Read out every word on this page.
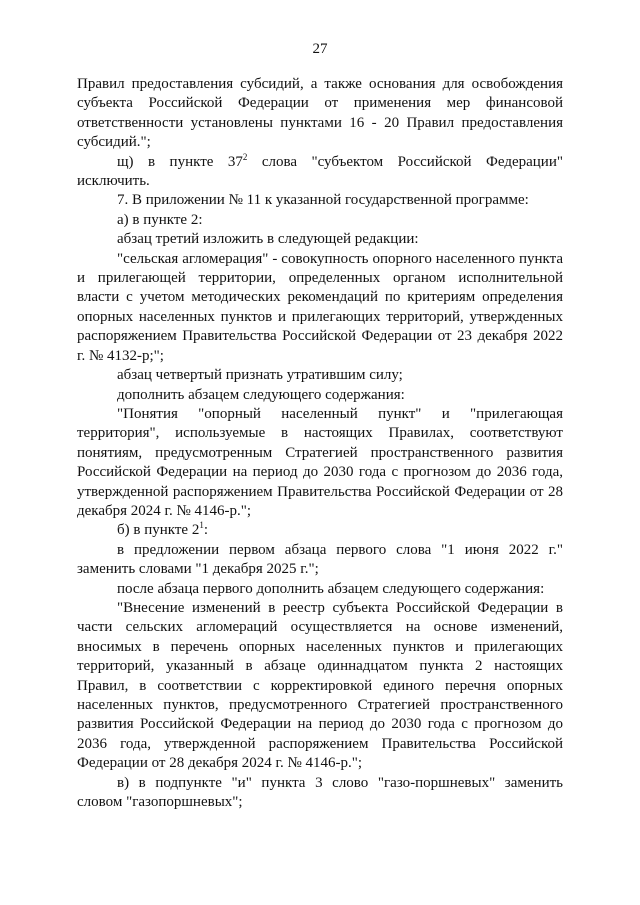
27

Правил предоставления субсидий, а также основания для освобождения субъекта Российской Федерации от применения мер финансовой ответственности установлены пунктами 16 - 20 Правил предоставления субсидий.";

щ) в пункте $37^2$ слова "субъектом Российской Федерации" исключить.

7. В приложении № 11 к указанной государственной программе:

а) в пункте 2:

абзац третий изложить в следующей редакции:

"сельская агломерация" - совокупность опорного населенного пункта и прилегающей территории, определенных органом исполнительной власти с учетом методических рекомендаций по критериям определения опорных населенных пунктов и прилегающих территорий, утвержденных распоряжением Правительства Российской Федерации от 23 декабря 2022 г. № 4132-р;";

абзац четвертый признать утратившим силу;

дополнить абзацем следующего содержания:

"Понятия "опорный населенный пункт" и "прилегающая территория", используемые в настоящих Правилах, соответствуют понятиям, предусмотренным Стратегией пространственного развития Российской Федерации на период до 2030 года с прогнозом до 2036 года, утвержденной распоряжением Правительства Российской Федерации от 28 декабря 2024 г. № 4146-р.";

б) в пункте $2^1$:

в предложении первом абзаца первого слова "1 июня 2022 г." заменить словами "1 декабря 2025 г.";

после абзаца первого дополнить абзацем следующего содержания:

"Внесение изменений в реестр субъекта Российской Федерации в части сельских агломераций осуществляется на основе изменений, вносимых в перечень опорных населенных пунктов и прилегающих территорий, указанный в абзаце одиннадцатом пункта 2 настоящих Правил, в соответствии с корректировкой единого перечня опорных населенных пунктов, предусмотренного Стратегией пространственного развития Российской Федерации на период до 2030 года с прогнозом до 2036 года, утвержденной распоряжением Правительства Российской Федерации от 28 декабря 2024 г. № 4146-р.";

в) в подпункте "и" пункта 3 слово "газо-поршневых" заменить словом "газопоршневых";
